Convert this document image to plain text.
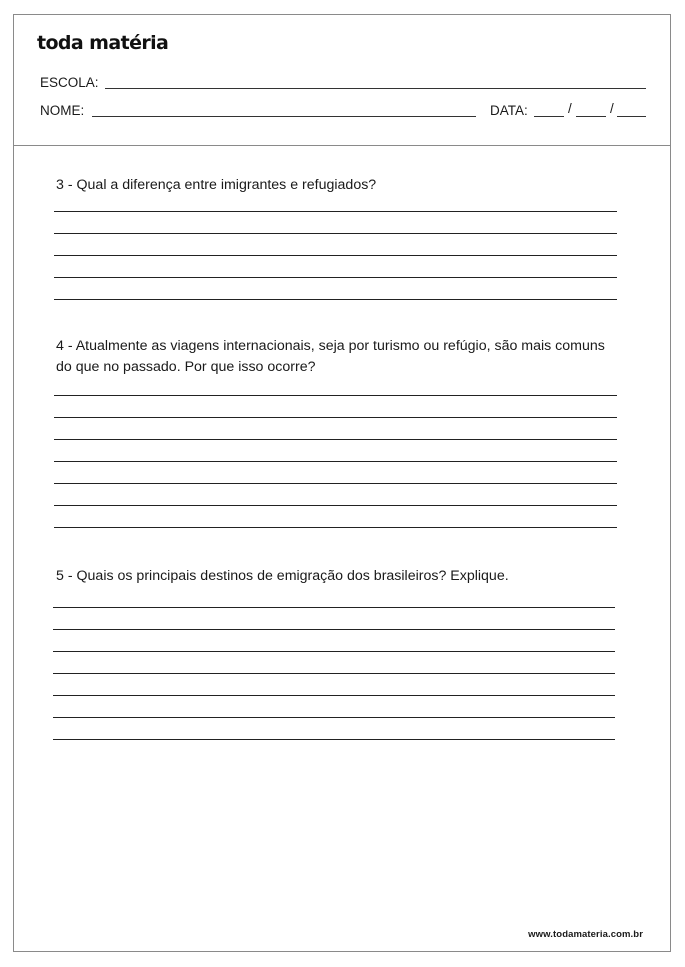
toda matéria
ESCOLA:
NOME:	DATA:	/	/
3 - Qual a diferença entre imigrantes e refugiados?
4 - Atualmente as viagens internacionais, seja por turismo ou refúgio, são mais comuns do que no passado. Por que isso ocorre?
5 - Quais os principais destinos de emigração dos brasileiros? Explique.
www.todamateria.com.br
